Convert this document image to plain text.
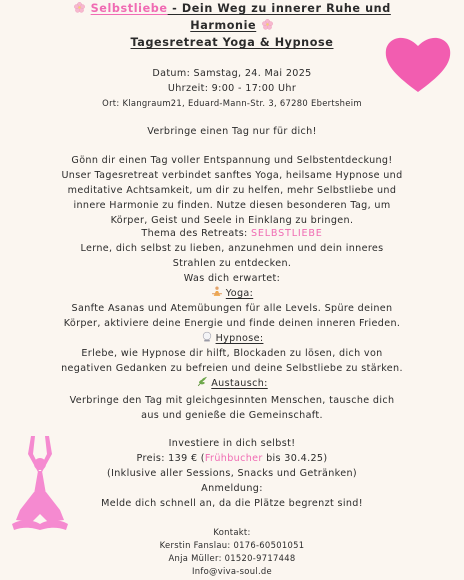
Selbstliebe - Dein Weg zu innerer Ruhe und
Harmonie
Tagesretreat Yoga & Hypnose
Datum: Samstag, 24. Mai 2025
Uhrzeit: 9:00 - 17:00 Uhr
Ort: Klangraum21, Eduard-Mann-Str. 3, 67280 Ebertsheim
Verbringe einen Tag nur für dich!
Gönn dir einen Tag voller Entspannung und Selbstentdeckung!
Unser Tagesretreat verbindet sanftes Yoga, heilsame Hypnose und
meditative Achtsamkeit, um dir zu helfen, mehr Selbstliebe und
innere Harmonie zu finden. Nutze diesen besonderen Tag, um
Körper, Geist und Seele in Einklang zu bringen.
Thema des Retreats: SELBSTLIEBE
Lerne, dich selbst zu lieben, anzunehmen und dein inneres
Strahlen zu entdecken.
Was dich erwartet:
Yoga:
Sanfte Asanas und Atemübungen für alle Levels. Spüre deinen
Körper, aktiviere deine Energie und finde deinen inneren Frieden.
Hypnose:
Erlebe, wie Hypnose dir hilft, Blockaden zu lösen, dich von
negativen Gedanken zu befreien und deine Selbstliebe zu stärken.
Austausch:
Verbringe den Tag mit gleichgesinnten Menschen, tausche dich
aus und genieße die Gemeinschaft.
Investiere in dich selbst!
Preis: 139 € (Frühbucher bis 30.4.25)
(Inklusive aller Sessions, Snacks und Getränken)
Anmeldung:
Melde dich schnell an, da die Plätze begrenzt sind!
Kontakt:
Kerstin Fanslau: 0176-60501051
Anja Müller: 01520-9717448
Info@viva-soul.de
